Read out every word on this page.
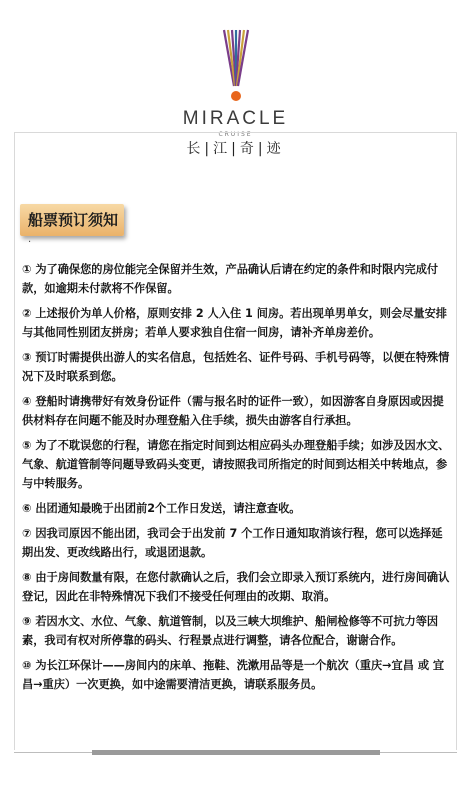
MIRACLE
CRUISE
长|江|奇|迹
船票预订须知
·

① 为了确保您的房位能完全保留并生效，产品确认后请在约定的条件和时限内完成付款，如逾期未付款将不作保留。

② 上述报价为单人价格，原则安排 2 人入住 1 间房。若出现单男单女，则会尽量安排与其他同性别团友拼房；若单人要求独自住宿一间房，请补齐单房差价。

③ 预订时需提供出游人的实名信息，包括姓名、证件号码、手机号码等，以便在特殊情况下及时联系到您。

④ 登船时请携带好有效身份证件（需与报名时的证件一致），如因游客自身原因或因提供材料存在问题不能及时办理登船入住手续，损失由游客自行承担。

⑤ 为了不耽误您的行程，请您在指定时间到达相应码头办理登船手续；如涉及因水文、气象、航道管制等问题导致码头变更，请按照我司所指定的时间到达相关中转地点，参与中转服务。

⑥ 出团通知最晚于出团前2个工作日发送，请注意查收。

⑦ 因我司原因不能出团，我司会于出发前 7 个工作日通知取消该行程，您可以选择延期出发、更改线路出行，或退团退款。

⑧ 由于房间数量有限，在您付款确认之后，我们会立即录入预订系统内，进行房间确认登记，因此在非特殊情况下我们不接受任何理由的改期、取消。

⑨ 若因水文、水位、气象、航道管制，以及三峡大坝维护、船闸检修等不可抗力等因素，我司有权对所停靠的码头、行程景点进行调整，请各位配合，谢谢合作。

⑩ 为长江环保计——房间内的床单、拖鞋、洗漱用品等是一个航次（重庆→宜昌 或 宜昌→重庆）一次更换，如中途需要清洁更换，请联系服务员。
